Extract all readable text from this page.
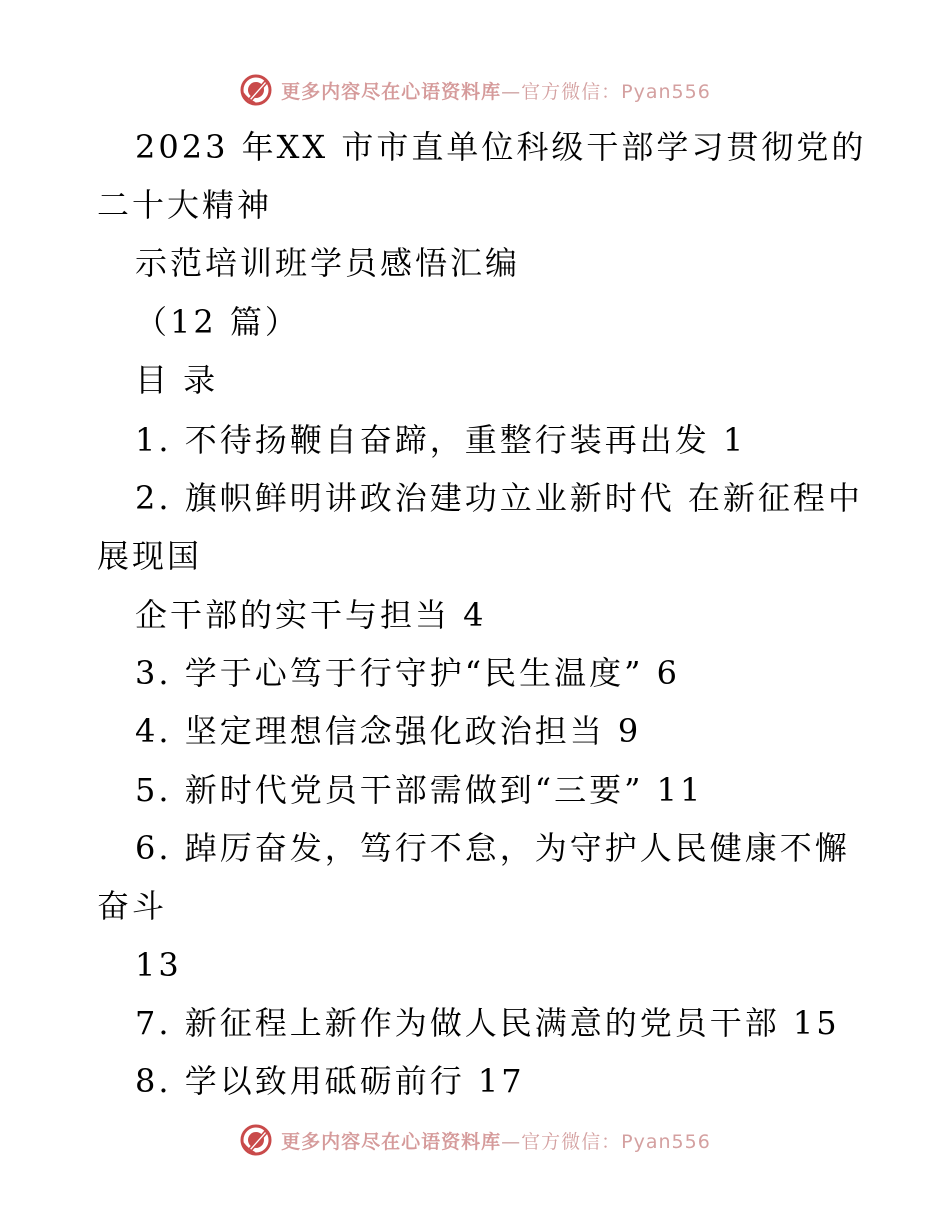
更多内容尽在心语资料库—官方微信：Pyan556
2023 年XX 市市直单位科级干部学习贯彻党的
二十大精神
示范培训班学员感悟汇编
（12 篇）
目 录
1. 不待扬鞭自奋蹄，重整行装再出发 1
2. 旗帜鲜明讲政治建功立业新时代 在新征程中
展现国
企干部的实干与担当 4
3. 学于心笃于行守护“民生温度” 6
4. 坚定理想信念强化政治担当 9
5. 新时代党员干部需做到“三要” 11
6. 踔厉奋发，笃行不怠，为守护人民健康不懈
奋斗
13
7. 新征程上新作为做人民满意的党员干部 15
8. 学以致用砥砺前行 17
更多内容尽在心语资料库—官方微信：Pyan556
